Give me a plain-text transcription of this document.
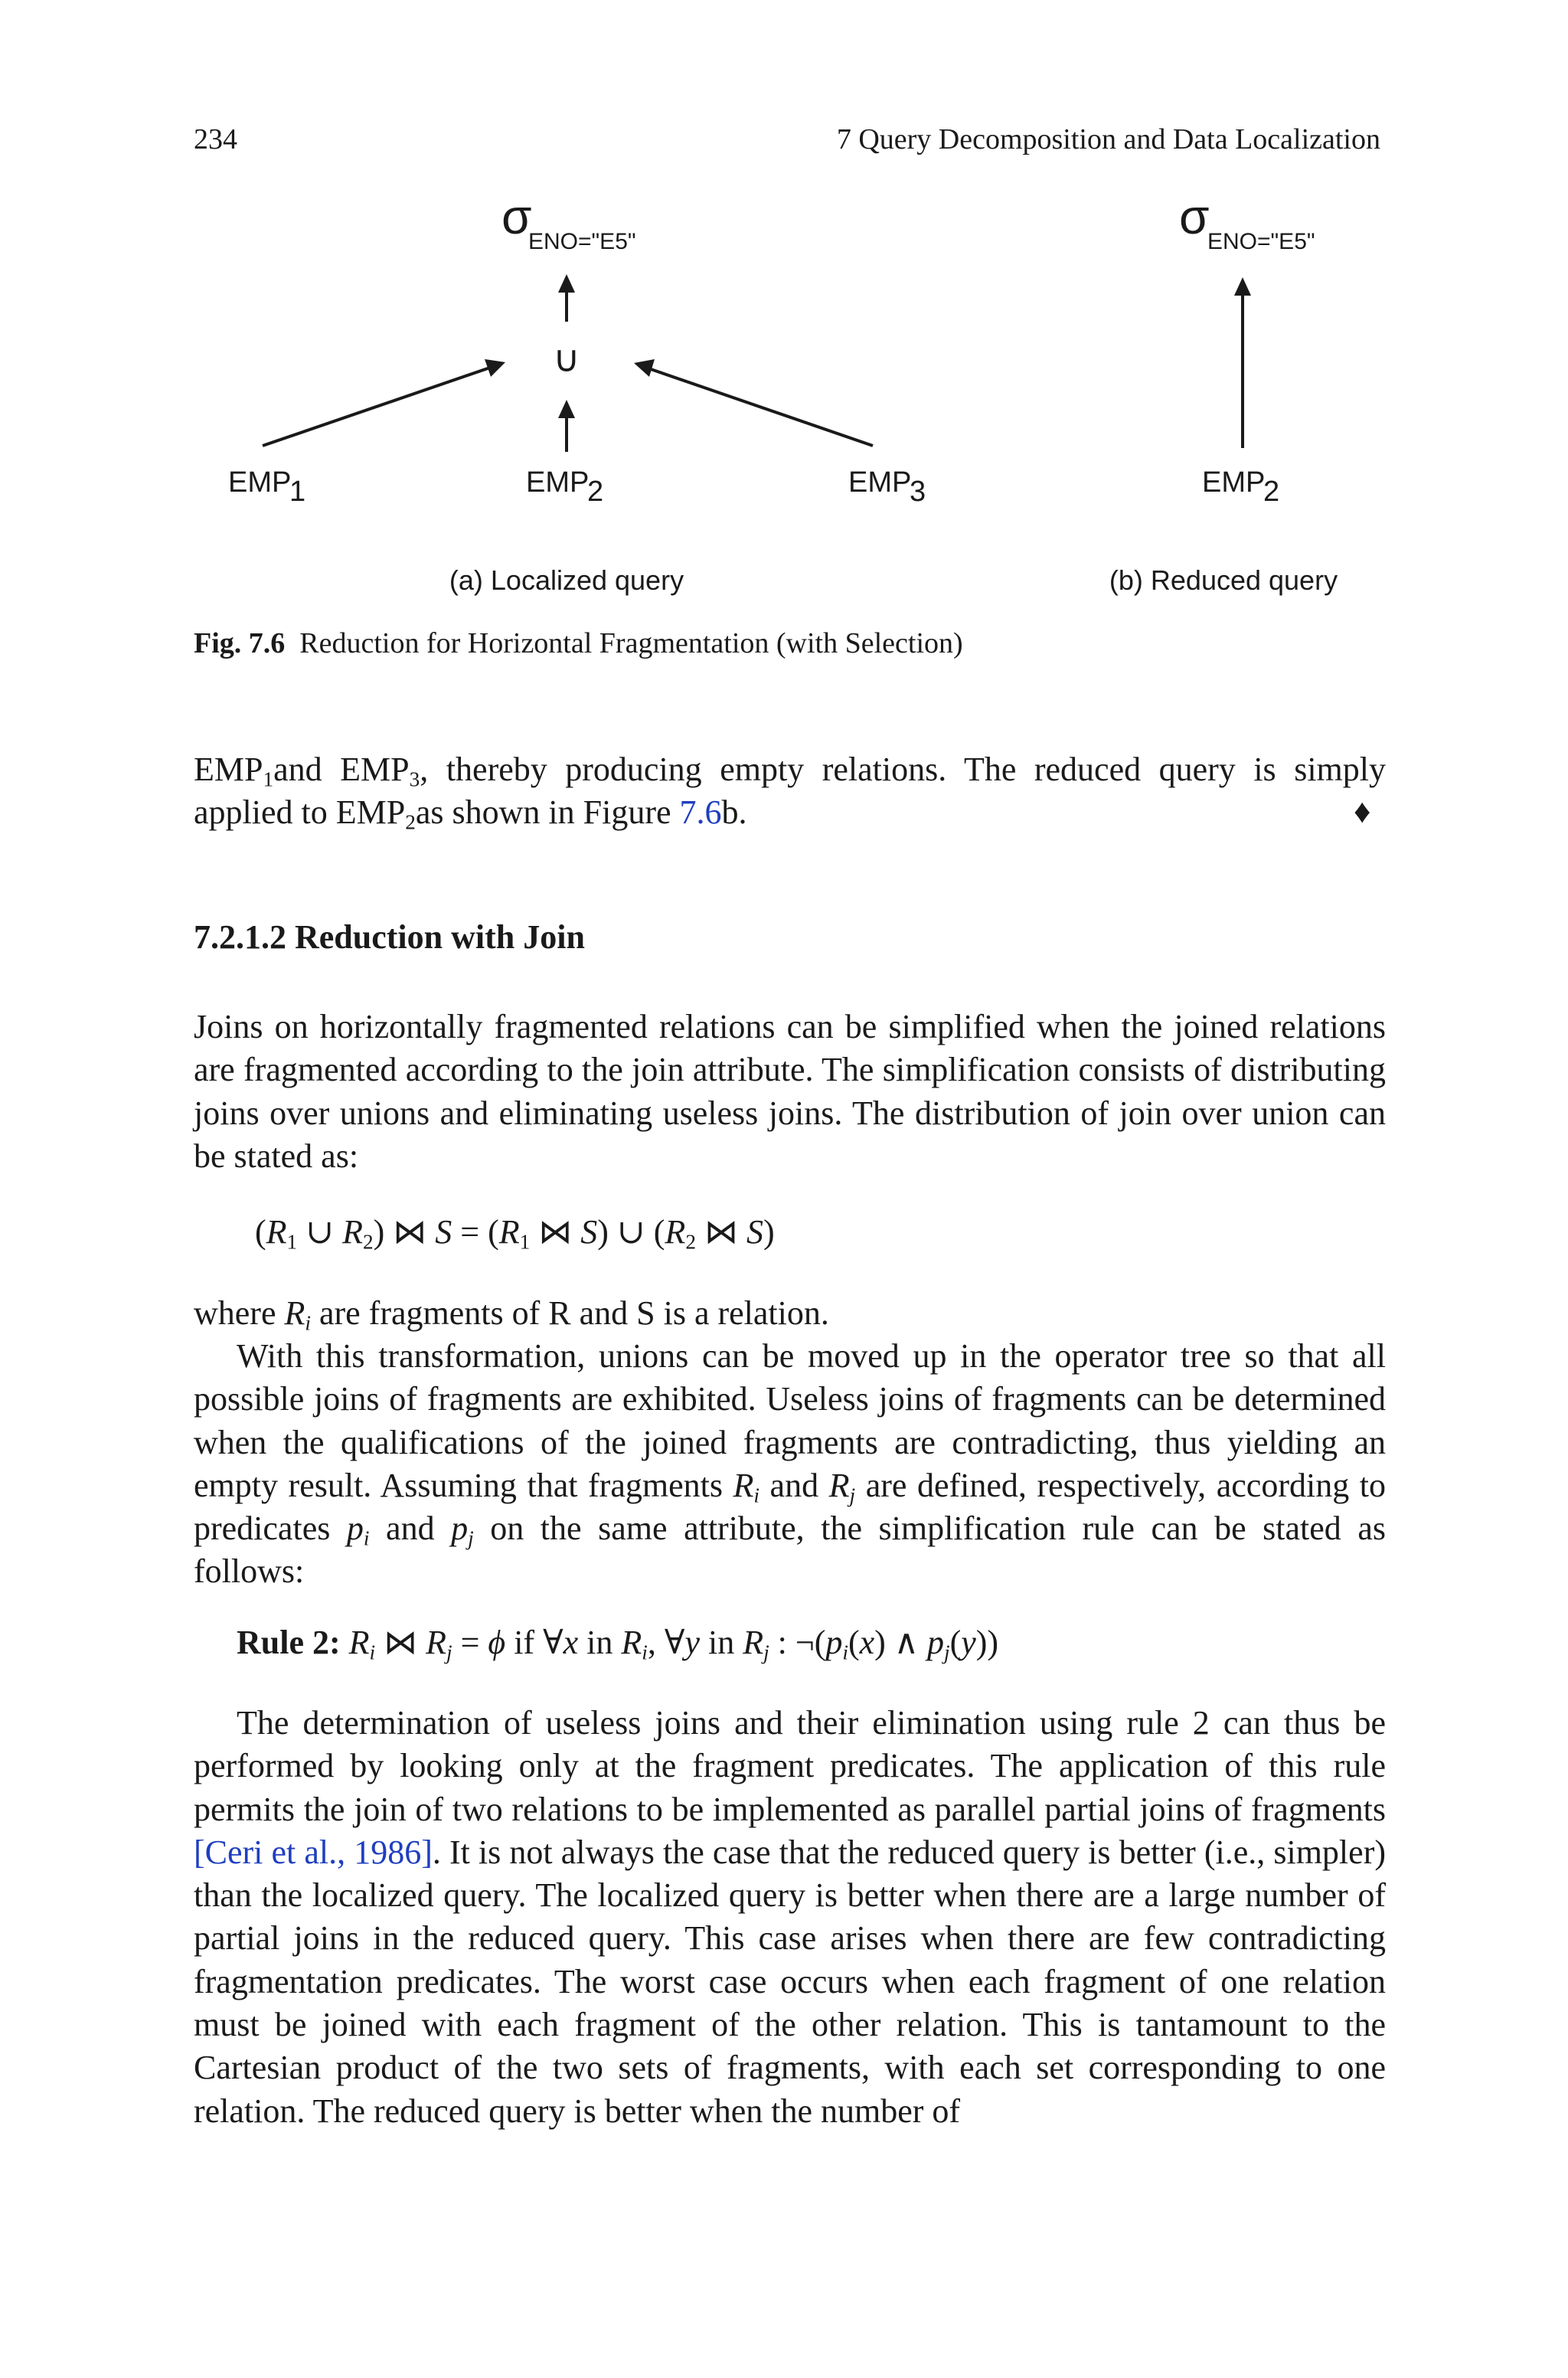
234	7 Query Decomposition and Data Localization
σ
ENO="E5"
∪
EMP
1	EMP
2	EMP
3
(a) Localized query
σ
ENO="E5"
EMP
2
(b) Reduced query
Fig. 7.6 Reduction for Horizontal Fragmentation (with Selection)

$EMP_1and$ $EMP_3$, thereby producing empty relations. The reduced query is simply applied to $EMP_2as$ shown in Figure 7.6b.	♦
7.2.1.2 Reduction with Join

Joins on horizontally fragmented relations can be simplified when the joined relations are fragmented according to the join attribute. The simplification consists of distributing joins over unions and eliminating useless joins. The distribution of join over union can be stated as:

($R_1$ ∪ $R_2$) ⋈ $S = (R_1$ ⋈ S) ∪ ($R_2$ ⋈ S)

where $R_i$ are fragments of R and S is a relation.

With this transformation, unions can be moved up in the operator tree so that all possible joins of fragments are exhibited. Useless joins of fragments can be determined when the qualifications of the joined fragments are contradicting, thus yielding an empty result. Assuming that fragments $R_i$ and $R_j$ are defined, respectively, according to predicates $p_i$ and $p_j$ on the same attribute, the simplification rule can be stated as follows:

Rule 2: $R_i$ ⋈ $R_j = \phi$ if ∀x in $R_i$, ∀y in $R_j$ : $\neg(p_i(x)$ ∧ $p_j(y)$)

The determination of useless joins and their elimination using rule 2 can thus be performed by looking only at the fragment predicates. The application of this rule permits the join of two relations to be implemented as parallel partial joins of fragments [Ceri et al., 1986]. It is not always the case that the reduced query is better (i.e., simpler) than the localized query. The localized query is better when there are a large number of partial joins in the reduced query. This case arises when there are few contradicting fragmentation predicates. The worst case occurs when each fragment of one relation must be joined with each fragment of the other relation. This is tantamount to the Cartesian product of the two sets of fragments, with each set corresponding to one relation. The reduced query is better when the number of
